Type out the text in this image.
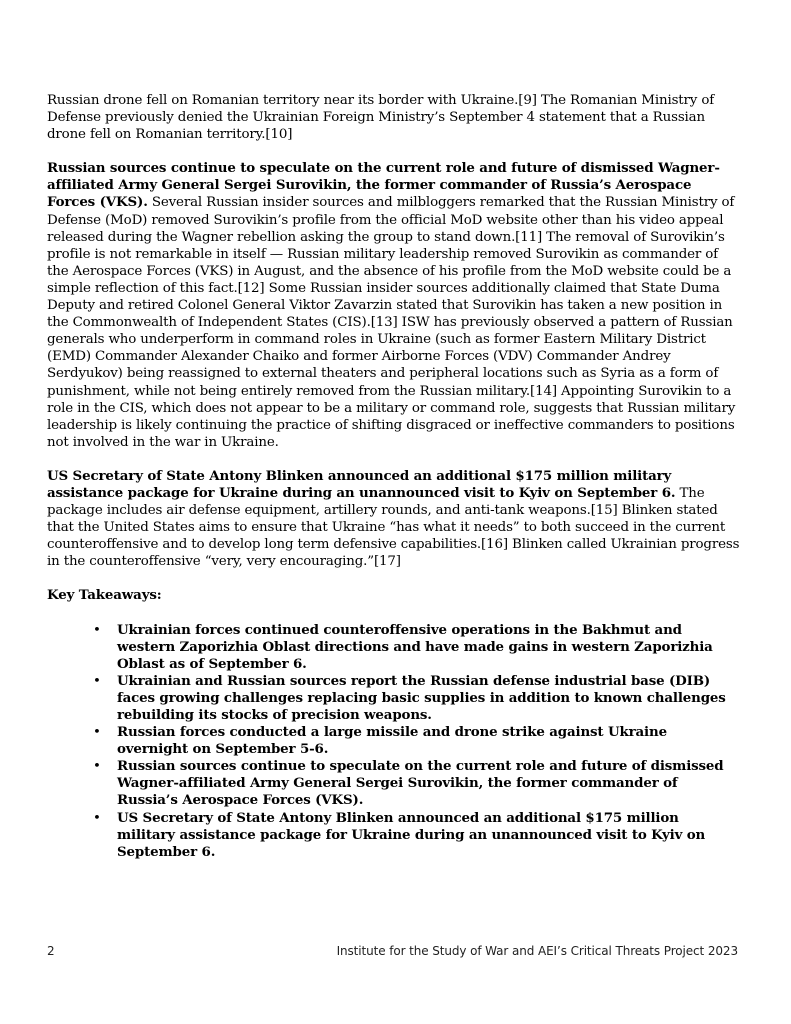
Russian drone fell on Romanian territory near its border with Ukraine.[9] The Romanian Ministry of Defense previously denied the Ukrainian Foreign Ministry’s September 4 statement that a Russian drone fell on Romanian territory.[10]

Russian sources continue to speculate on the current role and future of dismissed Wagner-affiliated Army General Sergei Surovikin, the former commander of Russia’s Aerospace Forces (VKS). Several Russian insider sources and milbloggers remarked that the Russian Ministry of Defense (MoD) removed Surovikin’s profile from the official MoD website other than his video appeal released during the Wagner rebellion asking the group to stand down.[11] The removal of Surovikin’s profile is not remarkable in itself — Russian military leadership removed Surovikin as commander of the Aerospace Forces (VKS) in August, and the absence of his profile from the MoD website could be a simple reflection of this fact.[12] Some Russian insider sources additionally claimed that State Duma Deputy and retired Colonel General Viktor Zavarzin stated that Surovikin has taken a new position in the Commonwealth of Independent States (CIS).[13] ISW has previously observed a pattern of Russian generals who underperform in command roles in Ukraine (such as former Eastern Military District (EMD) Commander Alexander Chaiko and former Airborne Forces (VDV) Commander Andrey Serdyukov) being reassigned to external theaters and peripheral locations such as Syria as a form of punishment, while not being entirely removed from the Russian military.[14] Appointing Surovikin to a role in the CIS, which does not appear to be a military or command role, suggests that Russian military leadership is likely continuing the practice of shifting disgraced or ineffective commanders to positions not involved in the war in Ukraine.

US Secretary of State Antony Blinken announced an additional $175 million military assistance package for Ukraine during an unannounced visit to Kyiv on September 6. The package includes air defense equipment, artillery rounds, and anti-tank weapons.[15] Blinken stated that the United States aims to ensure that Ukraine “has what it needs” to both succeed in the current counteroffensive and to develop long term defensive capabilities.[16] Blinken called Ukrainian progress in the counteroffensive “very, very encouraging.”[17]

Key Takeaways:
• Ukrainian forces continued counteroffensive operations in the Bakhmut and western Zaporizhia Oblast directions and have made gains in western Zaporizhia Oblast as of September 6.
• Ukrainian and Russian sources report the Russian defense industrial base (DIB) faces growing challenges replacing basic supplies in addition to known challenges rebuilding its stocks of precision weapons.
• Russian forces conducted a large missile and drone strike against Ukraine overnight on September 5-6.
• Russian sources continue to speculate on the current role and future of dismissed Wagner-affiliated Army General Sergei Surovikin, the former commander of Russia’s Aerospace Forces (VKS).
• US Secretary of State Antony Blinken announced an additional $175 million military assistance package for Ukraine during an unannounced visit to Kyiv on September 6.
2	Institute for the Study of War and AEI’s Critical Threats Project 2023
